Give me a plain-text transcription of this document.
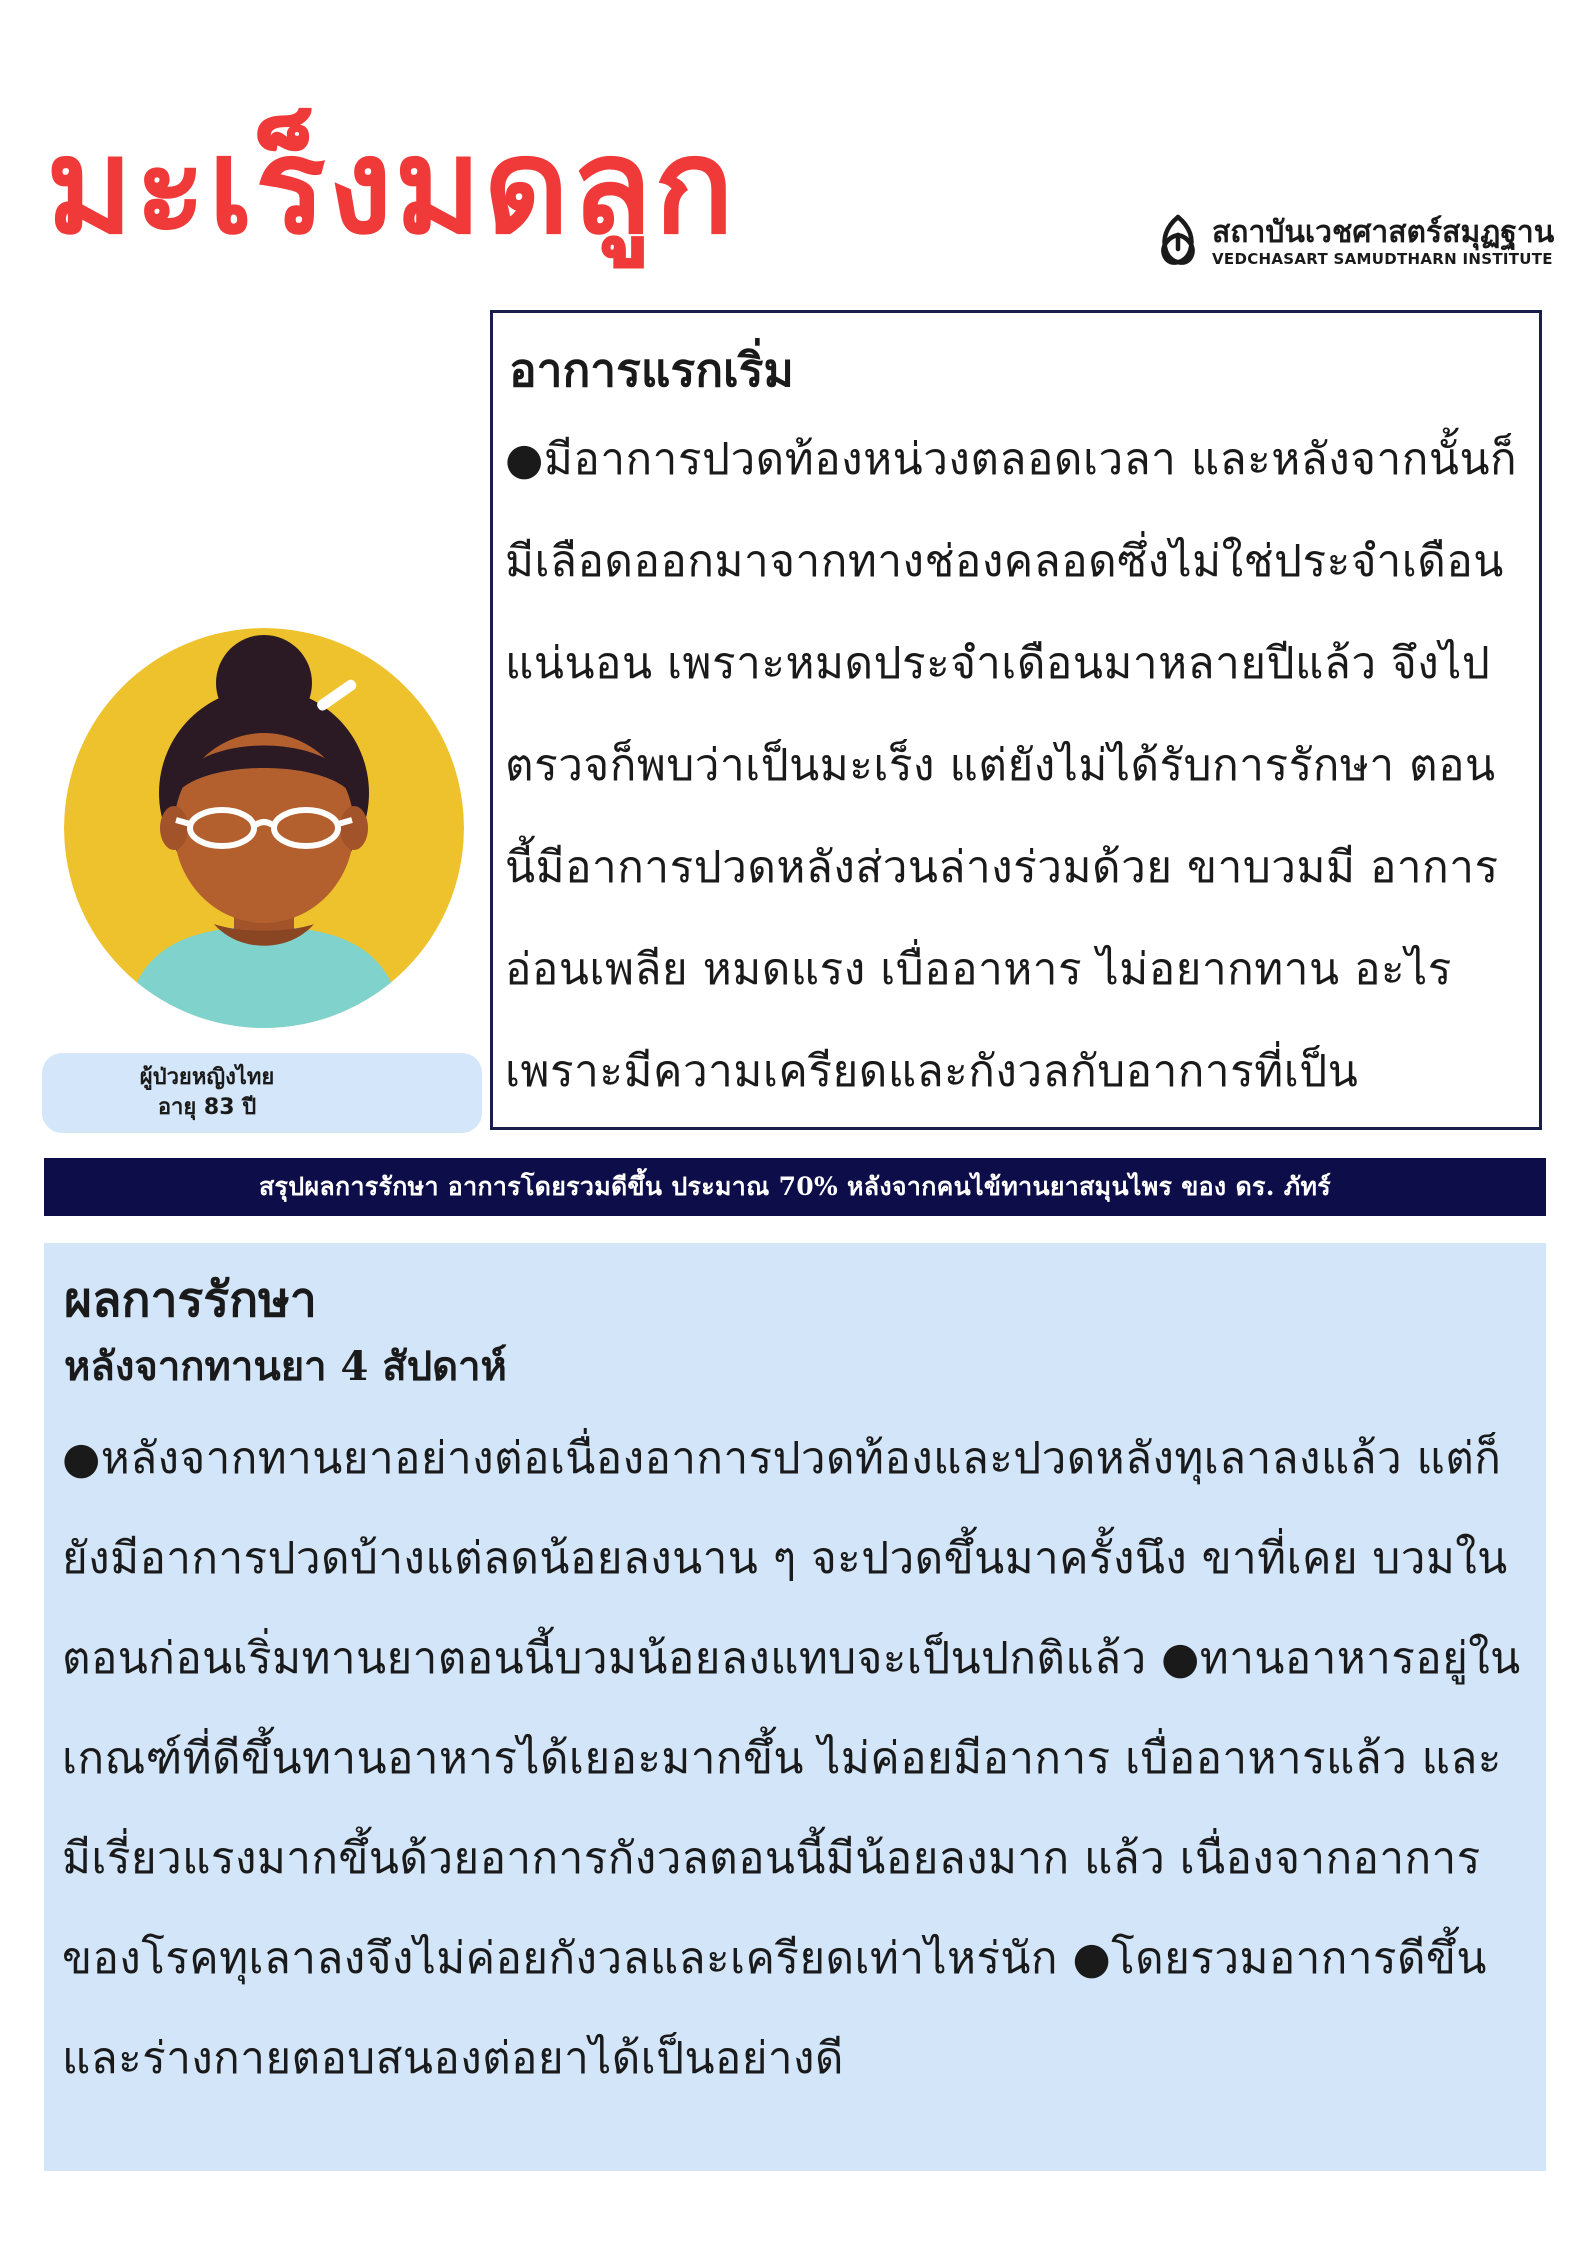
มะเร็งมดลูก	สถาบันเวชศาสตร์สมุฏฐาน
VEDCHASART SAMUDTHARN INSTITUTE
อาการแรกเริ่ม

●มีอาการปวดท้องหน่วงตลอดเวลา และหลังจากนั้นก็มีเลือดออกมาจากทางช่องคลอดซึ่งไม่ใช่ประจำเดือนแน่นอน เพราะหมดประจำเดือนมาหลายปีแล้ว จึงไปตรวจก็พบว่าเป็นมะเร็ง แต่ยังไม่ได้รับการรักษา ตอนนี้มีอาการปวดหลังส่วนล่างร่วมด้วย ขาบวมมี อาการอ่อนเพลีย หมดแรง เบื่ออาหาร ไม่อยากทาน อะไร เพราะมีความเครียดและกังวลกับอาการที่เป็น

ผู้ป่วยหญิงไทย
อายุ 83 ปี
สรุปผลการรักษา อาการโดยรวมดีขึ้น ประมาณ 70% หลังจากคนไข้ทานยาสมุนไพร ของ ดร. ภัทร์
ผลการรักษา
หลังจากทานยา 4 สัปดาห์

●หลังจากทานยาอย่างต่อเนื่องอาการปวดท้องและปวดหลังทุเลาลงแล้ว แต่ก็ยังมีอาการปวดบ้างแต่ลดน้อยลงนาน ๆ จะปวดขึ้นมาครั้งนึง ขาที่เคย บวมในตอนก่อนเริ่มทานยาตอนนี้บวมน้อยลงแทบจะเป็นปกติแล้ว ●ทานอาหารอยู่ในเกณฑ์ที่ดีขึ้นทานอาหารได้เยอะมากขึ้น ไม่ค่อยมีอาการ เบื่ออาหารแล้ว และมีเรี่ยวแรงมากขึ้นด้วยอาการกังวลตอนนี้มีน้อยลงมาก แล้ว เนื่องจากอาการของโรคทุเลาลงจึงไม่ค่อยกังวลและเครียดเท่าไหร่นัก ●โดยรวมอาการดีขึ้นและร่างกายตอบสนองต่อยาได้เป็นอย่างดี
